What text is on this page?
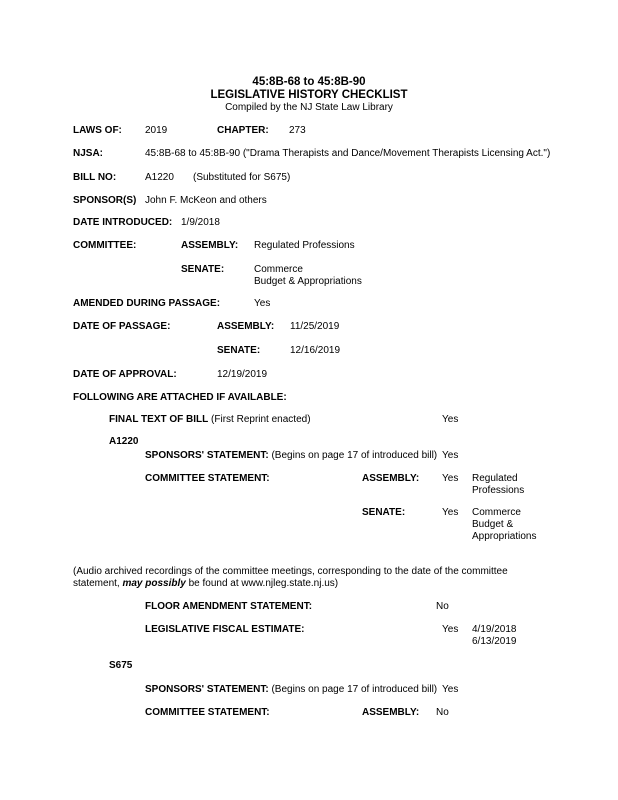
45:8B-68 to 45:8B-90
LEGISLATIVE HISTORY CHECKLIST
Compiled by the NJ State Law Library
LAWS OF: 2019	CHAPTER: 273
NJSA:	45:8B-68 to 45:8B-90 ("Drama Therapists and Dance/Movement Therapists Licensing Act.")
BILL NO:	A1220 (Substituted for S675)
SPONSOR(S) John F. McKeon and others
DATE INTRODUCED: 1/9/2018
COMMITTEE:	ASSEMBLY: Regulated Professions
SENATE:	Commerce
Budget & Appropriations
AMENDED DURING PASSAGE:	Yes
DATE OF PASSAGE:	ASSEMBLY: 11/25/2019
SENATE:	12/16/2019
DATE OF APPROVAL:	12/19/2019
FOLLOWING ARE ATTACHED IF AVAILABLE:
FINAL TEXT OF BILL (First Reprint enacted)	Yes
A1220
SPONSORS' STATEMENT: (Begins on page 17 of introduced bill) Yes
COMMITTEE STATEMENT:	ASSEMBLY: Yes Regulated
Professions
SENATE:	Yes Commerce
Budget &
Appropriations
(Audio archived recordings of the committee meetings, corresponding to the date of the committee
statement, may possibly be found at www.njleg.state.nj.us)
FLOOR AMENDMENT STATEMENT:	No
LEGISLATIVE FISCAL ESTIMATE:	Yes 4/19/2018
6/13/2019
S675
SPONSORS' STATEMENT: (Begins on page 17 of introduced bill) Yes
COMMITTEE STATEMENT:	ASSEMBLY: No
